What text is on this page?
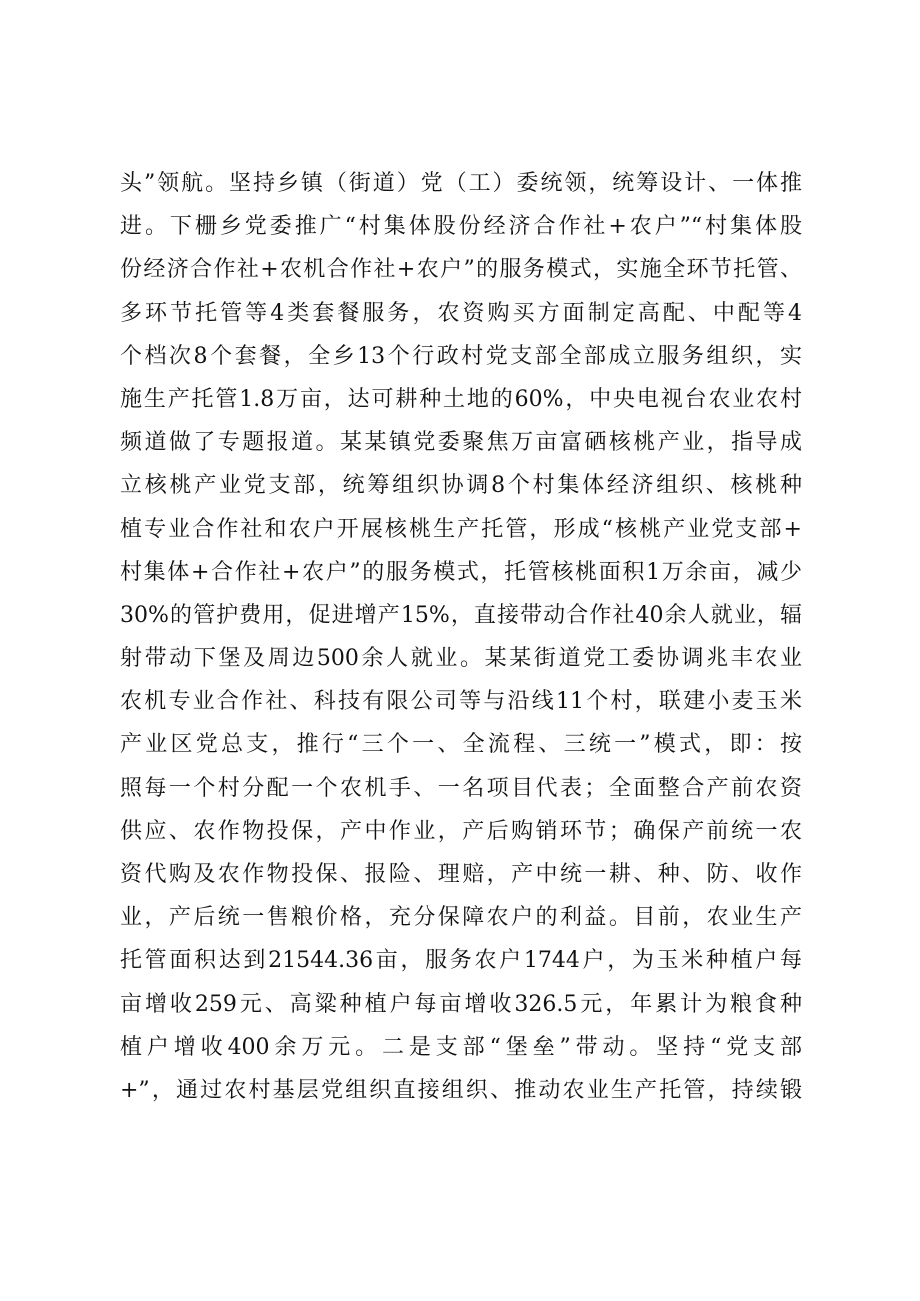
头”领航。坚持乡镇（街道）党（工）委统领，统筹设计、一体推
进。下栅乡党委推广“村集体股份经济合作社+农户”“村集体股
份经济合作社+农机合作社+农户”的服务模式，实施全环节托管、
多环节托管等4类套餐服务，农资购买方面制定高配、中配等4
个档次8个套餐，全乡13个行政村党支部全部成立服务组织，实
施生产托管1.8万亩，达可耕种土地的60%，中央电视台农业农村
频道做了专题报道。某某镇党委聚焦万亩富硒核桃产业，指导成
立核桃产业党支部，统筹组织协调8个村集体经济组织、核桃种
植专业合作社和农户开展核桃生产托管，形成“核桃产业党支部+
村集体+合作社+农户”的服务模式，托管核桃面积1万余亩，减少
30%的管护费用，促进增产15%，直接带动合作社40余人就业，辐
射带动下堡及周边500余人就业。某某街道党工委协调兆丰农业
农机专业合作社、科技有限公司等与沿线11个村，联建小麦玉米
产业区党总支，推行“三个一、全流程、三统一”模式，即：按
照每一个村分配一个农机手、一名项目代表；全面整合产前农资
供应、农作物投保，产中作业，产后购销环节；确保产前统一农
资代购及农作物投保、报险、理赔，产中统一耕、种、防、收作
业，产后统一售粮价格，充分保障农户的利益。目前，农业生产
托管面积达到21544.36亩，服务农户1744户，为玉米种植户每
亩增收259元、高粱种植户每亩增收326.5元，年累计为粮食种
植户增收400余万元。二是支部“堡垒”带动。坚持“党支部
+”，通过农村基层党组织直接组织、推动农业生产托管，持续锻
